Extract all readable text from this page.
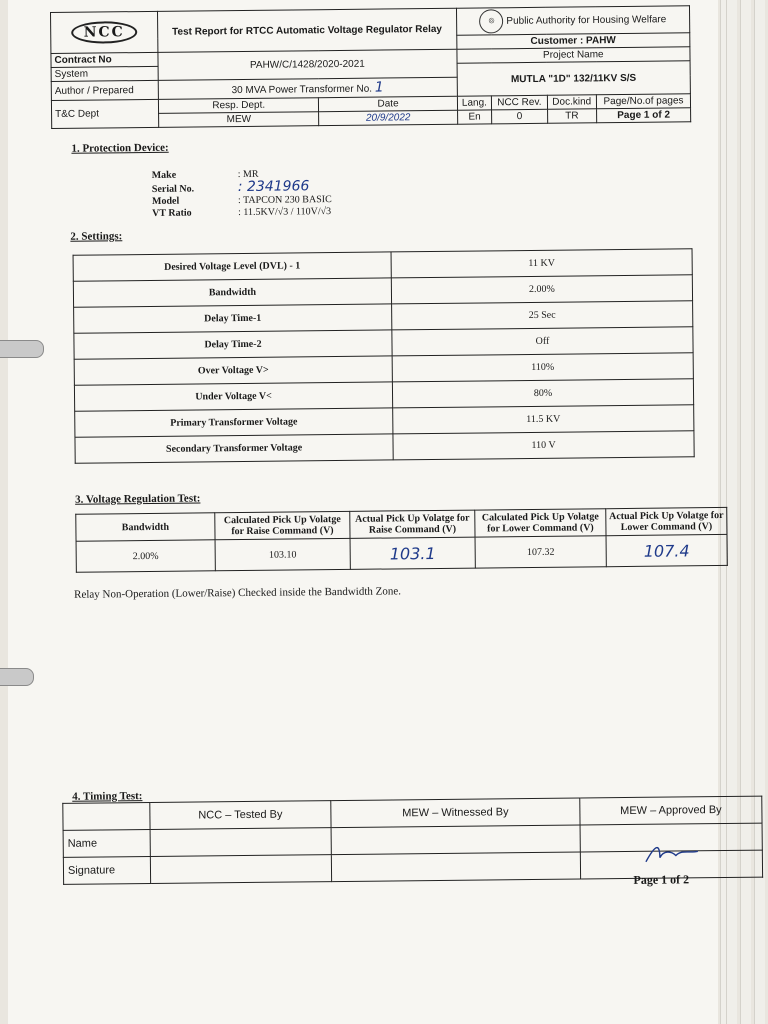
NCC	Test Report for RTCC Automatic Voltage Regulator Relay		◎ Public Authority for Housing Welfare			
			Customer : PAHW			
Contract No	PAHW/C/1428/2020-2021		Project Name			
System			MUTLA "1D" 132/11KV S/S			
Author / Prepared	30 MVA Power Transformer No. 1					
T&C Dept	Resp. Dept.	Date	Lang.	NCC Rev.	Doc.kind	Page/No.of pages
	MEW	20/9/2022	En	0	TR	Page 1 of 2
1. Protection Device:
Make	: MR
Serial No.	: 2341966
Model	: TAPCON 230 BASIC
VT Ratio	: 11.5KV/√3 / 110V/√3
2. Settings:
Desired Voltage Level (DVL) - 1	11 KV
Bandwidth	2.00%
Delay Time-1	25 Sec
Delay Time-2	Off
Over Voltage V>	110%
Under Voltage V<	80%
Primary Transformer Voltage	11.5 KV
Secondary Transformer Voltage	110 V
3. Voltage Regulation Test:
Bandwidth	Calculated Pick Up Volatge for Raise Command (V)	Actual Pick Up Volatge for Raise Command (V)	Calculated Pick Up Volatge for Lower Command (V)	Actual Pick Up Volatge for Lower Command (V)
2.00%	103.10	103.1	107.32	107.4
Relay Non-Operation (Lower/Raise) Checked inside the Bandwidth Zone.
4. Timing Test:
	NCC – Tested By	MEW – Witnessed By	MEW – Approved By
Name			
Signature			
Page 1 of 2
